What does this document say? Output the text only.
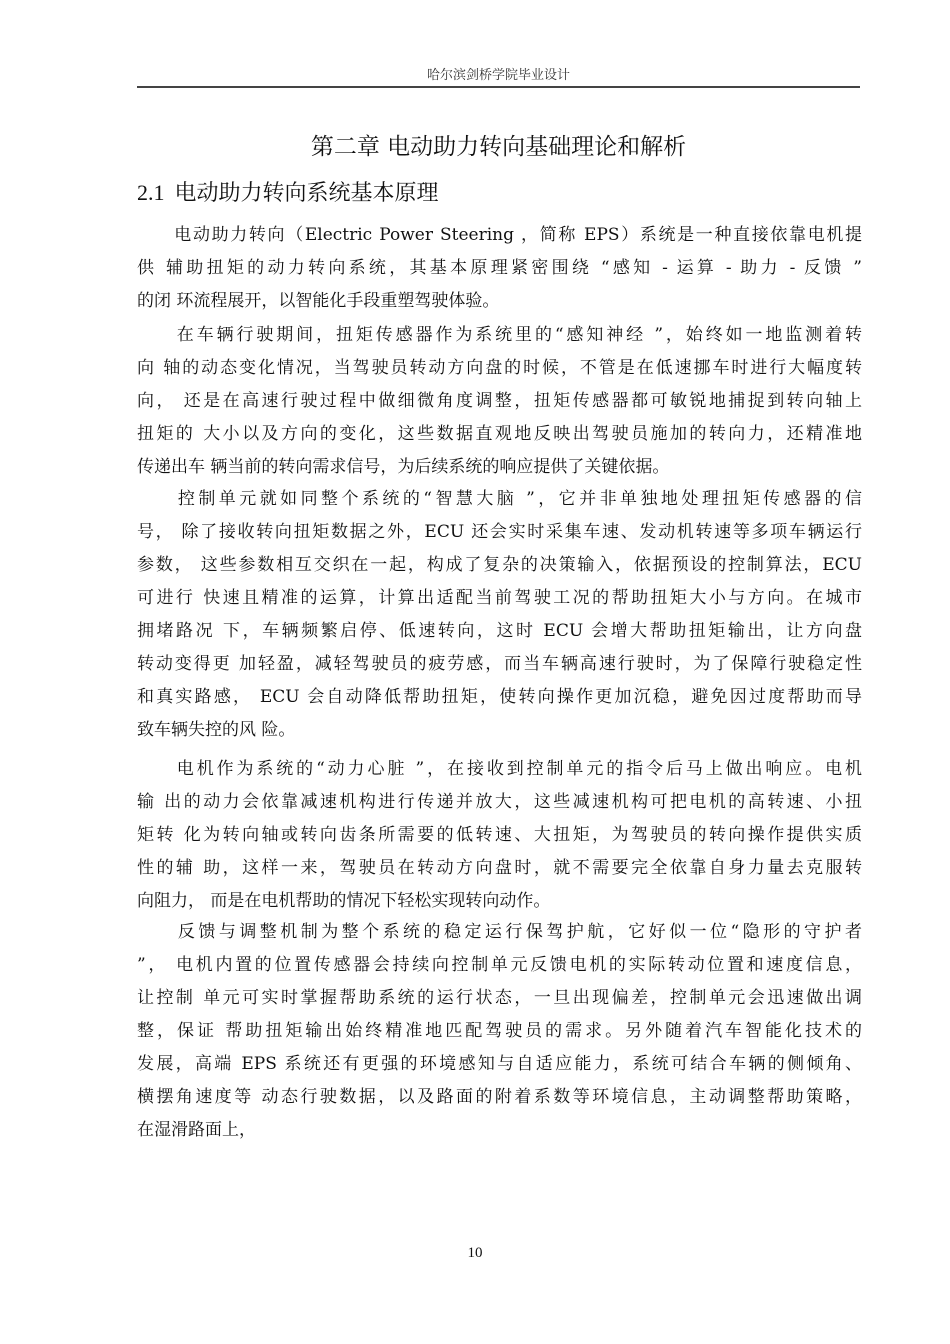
哈尔滨剑桥学院毕业设计
第二章 电动助力转向基础理论和解析
2.1 电动助力转向系统基本原理
　　电动助力转向（Electric Power Steering ，简称 EPS）系统是一种直接依靠电机提
供 辅助扭矩的动力转向系统，其基本原理紧密围绕 “感知 - 运算 - 助力 - 反馈 ”
的闭 环流程展开，以智能化手段重塑驾驶体验。
　　在车辆行驶期间，扭矩传感器作为系统里的“感知神经 ”，始终如一地监测着转
向 轴的动态变化情况，当驾驶员转动方向盘的时候，不管是在低速挪车时进行大幅度转
向， 还是在高速行驶过程中做细微角度调整，扭矩传感器都可敏锐地捕捉到转向轴上
扭矩的 大小以及方向的变化，这些数据直观地反映出驾驶员施加的转向力，还精准地
传递出车 辆当前的转向需求信号，为后续系统的响应提供了关键依据。
　　控制单元就如同整个系统的“智慧大脑 ”，它并非单独地处理扭矩传感器的信
号， 除了接收转向扭矩数据之外，ECU 还会实时采集车速、发动机转速等多项车辆运行
参数， 这些参数相互交织在一起，构成了复杂的决策输入，依据预设的控制算法，ECU
可进行 快速且精准的运算，计算出适配当前驾驶工况的帮助扭矩大小与方向。在城市
拥堵路况 下，车辆频繁启停、低速转向，这时 ECU 会增大帮助扭矩输出，让方向盘
转动变得更 加轻盈，减轻驾驶员的疲劳感，而当车辆高速行驶时，为了保障行驶稳定性
和真实路感， ECU 会自动降低帮助扭矩，使转向操作更加沉稳，避免因过度帮助而导
致车辆失控的风 险。
　　电机作为系统的“动力心脏 ”，在接收到控制单元的指令后马上做出响应。电机
输 出的动力会依靠减速机构进行传递并放大，这些减速机构可把电机的高转速、小扭
矩转 化为转向轴或转向齿条所需要的低转速、大扭矩，为驾驶员的转向操作提供实质
性的辅 助，这样一来，驾驶员在转动方向盘时，就不需要完全依靠自身力量去克服转
向阻力， 而是在电机帮助的情况下轻松实现转向动作。
　　反馈与调整机制为整个系统的稳定运行保驾护航，它好似一位“隐形的守护者
”， 电机内置的位置传感器会持续向控制单元反馈电机的实际转动位置和速度信息，
让控制 单元可实时掌握帮助系统的运行状态，一旦出现偏差，控制单元会迅速做出调
整，保证 帮助扭矩输出始终精准地匹配驾驶员的需求。另外随着汽车智能化技术的
发展，高端 EPS 系统还有更强的环境感知与自适应能力，系统可结合车辆的侧倾角、
横摆角速度等 动态行驶数据，以及路面的附着系数等环境信息，主动调整帮助策略，
在湿滑路面上，
10
